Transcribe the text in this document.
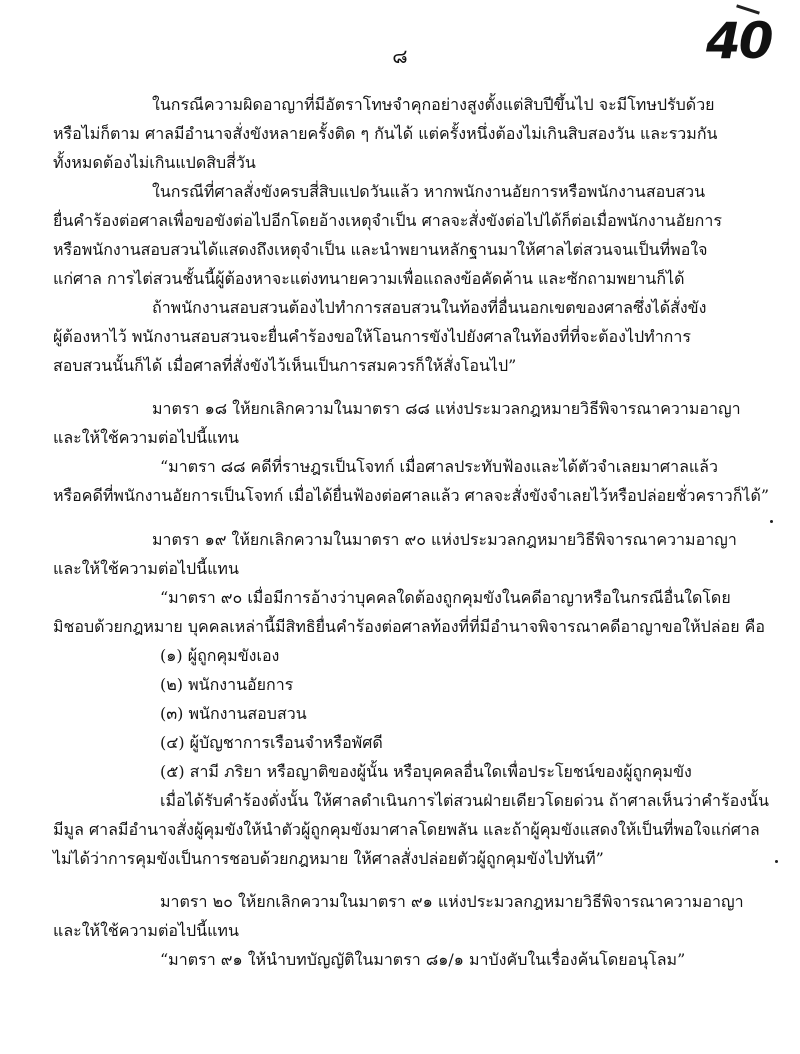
๘	40
ในกรณีความผิดอาญาที่มีอัตราโทษจำคุกอย่างสูงตั้งแต่สิบปีขึ้นไป จะมีโทษปรับด้วย
หรือไม่ก็ตาม ศาลมีอำนาจสั่งขังหลายครั้งติด ๆ กันได้ แต่ครั้งหนึ่งต้องไม่เกินสิบสองวัน และรวมกัน
ทั้งหมดต้องไม่เกินแปดสิบสี่วัน
ในกรณีที่ศาลสั่งขังครบสี่สิบแปดวันแล้ว หากพนักงานอัยการหรือพนักงานสอบสวน
ยื่นคำร้องต่อศาลเพื่อขอขังต่อไปอีกโดยอ้างเหตุจำเป็น ศาลจะสั่งขังต่อไปได้ก็ต่อเมื่อพนักงานอัยการ
หรือพนักงานสอบสวนได้แสดงถึงเหตุจำเป็น และนำพยานหลักฐานมาให้ศาลไต่สวนจนเป็นที่พอใจ
แก่ศาล การไต่สวนชั้นนี้ผู้ต้องหาจะแต่งทนายความเพื่อแถลงข้อคัดค้าน และซักถามพยานก็ได้
ถ้าพนักงานสอบสวนต้องไปทำการสอบสวนในท้องที่อื่นนอกเขตของศาลซึ่งได้สั่งขัง
ผู้ต้องหาไว้ พนักงานสอบสวนจะยื่นคำร้องขอให้โอนการขังไปยังศาลในท้องที่ที่จะต้องไปทำการ
สอบสวนนั้นก็ได้ เมื่อศาลที่สั่งขังไว้เห็นเป็นการสมควรก็ให้สั่งโอนไป”
มาตรา ๑๘ ให้ยกเลิกความในมาตรา ๘๘ แห่งประมวลกฎหมายวิธีพิจารณาความอาญา
และให้ใช้ความต่อไปนี้แทน
“มาตรา ๘๘ คดีที่ราษฎรเป็นโจทก์ เมื่อศาลประทับฟ้องและได้ตัวจำเลยมาศาลแล้ว
หรือคดีที่พนักงานอัยการเป็นโจทก์ เมื่อได้ยื่นฟ้องต่อศาลแล้ว ศาลจะสั่งขังจำเลยไว้หรือปล่อยชั่วคราวก็ได้”
มาตรา ๑๙ ให้ยกเลิกความในมาตรา ๙๐ แห่งประมวลกฎหมายวิธีพิจารณาความอาญา
และให้ใช้ความต่อไปนี้แทน
“มาตรา ๙๐ เมื่อมีการอ้างว่าบุคคลใดต้องถูกคุมขังในคดีอาญาหรือในกรณีอื่นใดโดย
มิชอบด้วยกฎหมาย บุคคลเหล่านี้มีสิทธิยื่นคำร้องต่อศาลท้องที่ที่มีอำนาจพิจารณาคดีอาญาขอให้ปล่อย คือ
(๑) ผู้ถูกคุมขังเอง
(๒) พนักงานอัยการ
(๓) พนักงานสอบสวน
(๔) ผู้บัญชาการเรือนจำหรือพัศดี
(๕) สามี ภริยา หรือญาติของผู้นั้น หรือบุคคลอื่นใดเพื่อประโยชน์ของผู้ถูกคุมขัง
เมื่อได้รับคำร้องดั่งนั้น ให้ศาลดำเนินการไต่สวนฝ่ายเดียวโดยด่วน ถ้าศาลเห็นว่าคำร้องนั้น
มีมูล ศาลมีอำนาจสั่งผู้คุมขังให้นำตัวผู้ถูกคุมขังมาศาลโดยพลัน และถ้าผู้คุมขังแสดงให้เป็นที่พอใจแก่ศาล
ไม่ได้ว่าการคุมขังเป็นการชอบด้วยกฎหมาย ให้ศาลสั่งปล่อยตัวผู้ถูกคุมขังไปทันที”
มาตรา ๒๐ ให้ยกเลิกความในมาตรา ๙๑ แห่งประมวลกฎหมายวิธีพิจารณาความอาญา
และให้ใช้ความต่อไปนี้แทน
“มาตรา ๙๑ ให้นำบทบัญญัติในมาตรา ๘๑/๑ มาบังคับในเรื่องค้นโดยอนุโลม”
